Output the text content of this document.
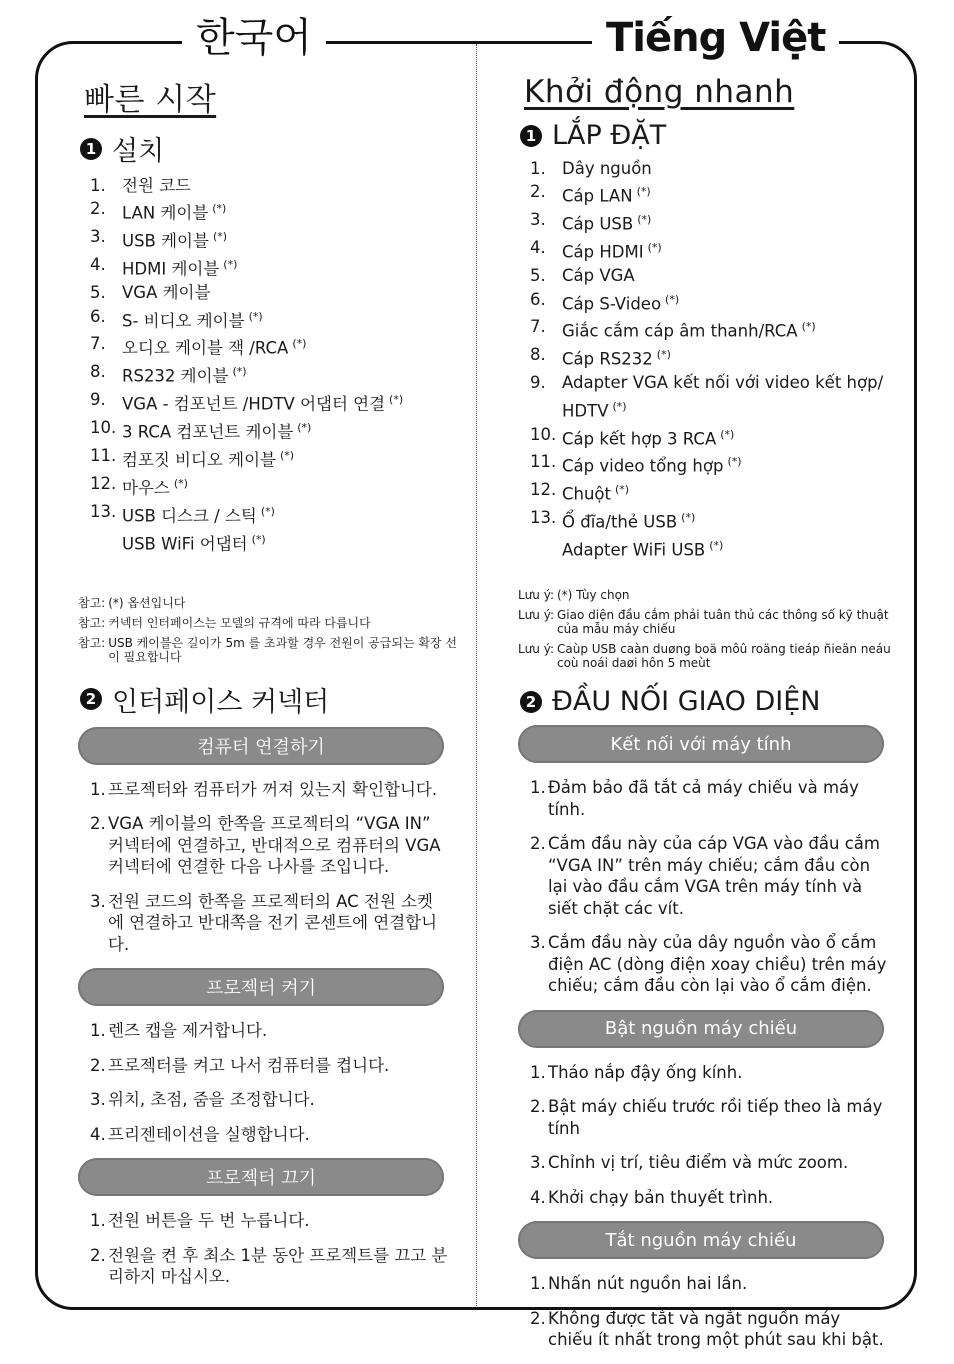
한국어	Tiếng Việt
빠른 시작
1 설치
1. 전원 코드
2. LAN 케이블 (*)
3. USB 케이블 (*)
4. HDMI 케이블 (*)
5. VGA 케이블
6. S- 비디오 케이블 (*)
7. 오디오 케이블 잭 /RCA (*)
8. RS232 케이블 (*)
9. VGA - 컴포넌트 /HDTV 어댑터 연결 (*)
10. 3 RCA 컴포넌트 케이블 (*)
11. 컴포짓 비디오 케이블 (*)
12. 마우스 (*)
13. USB 디스크 / 스틱 (*)
USB WiFi 어댑터 (*)
참고: (*) 옵션입니다
참고: 커넥터 인터페이스는 모델의 규격에 따라 다릅니다
참고: USB 케이블은 길이가 5m 를 초과할 경우 전원이 공급되는 확장 선이 필요합니다
2 인터페이스 커넥터
컴퓨터 연결하기
1. 프로젝터와 컴퓨터가 꺼져 있는지 확인합니다.
2. VGA 케이블의 한쪽을 프로젝터의 “VGA IN” 커넥터에 연결하고, 반대적으로 컴퓨터의 VGA 커넥터에 연결한 다음 나사를 조입니다.
3. 전원 코드의 한쪽을 프로젝터의 AC 전원 소켓에 연결하고 반대쪽을 전기 콘센트에 연결합니다.
프로젝터 켜기
1. 렌즈 캡을 제거합니다.
2. 프로젝터를 켜고 나서 컴퓨터를 켭니다.
3. 위치, 초점, 줌을 조정합니다.
4. 프리젠테이션을 실행합니다.
프로젝터 끄기
1. 전원 버튼을 두 번 누릅니다.
2. 전원을 켠 후 최소 1분 동안 프로젝트를 끄고 분리하지 마십시오.
Khởi động nhanh
1 LẮP ĐẶT
1. Dây nguồn
2. Cáp LAN (*)
3. Cáp USB (*)
4. Cáp HDMI (*)
5. Cáp VGA
6. Cáp S-Video (*)
7. Giắc cắm cáp âm thanh/RCA (*)
8. Cáp RS232 (*)
9. Adapter VGA kết nối với video kết hợp/ HDTV (*)
10. Cáp kết hợp 3 RCA (*)
11. Cáp video tổng hợp (*)
12. Chuột (*)
13. Ổ đĩa/thẻ USB (*)
Adapter WiFi USB (*)
Lưu ý: (*) Tùy chọn
Lưu ý: Giao diện đầu cắm phải tuân thủ các thông số kỹ thuật của mẫu máy chiếu
Lưu ý: Caùp USB caàn duøng boä môû roäng tieáp ñieän neáu coù noái daøi hôn 5 meùt
2 ĐẦU NỐI GIAO DIỆN
Kết nối với máy tính
1. Đảm bảo đã tắt cả máy chiếu và máy tính.
2. Cắm đầu này của cáp VGA vào đầu cắm “VGA IN” trên máy chiếu; cắm đầu còn lại vào đầu cắm VGA trên máy tính và siết chặt các vít.
3. Cắm đầu này của dây nguồn vào ổ cắm điện AC (dòng điện xoay chiều) trên máy chiếu; cắm đầu còn lại vào ổ cắm điện.
Bật nguồn máy chiếu
1. Tháo nắp đậy ống kính.
2. Bật máy chiếu trước rồi tiếp theo là máy tính
3. Chỉnh vị trí, tiêu điểm và mức zoom.
4. Khởi chạy bản thuyết trình.
Tắt nguồn máy chiếu
1. Nhấn nút nguồn hai lần.
2. Không được tắt và ngắt nguồn máy chiếu ít nhất trong một phút sau khi bật.
